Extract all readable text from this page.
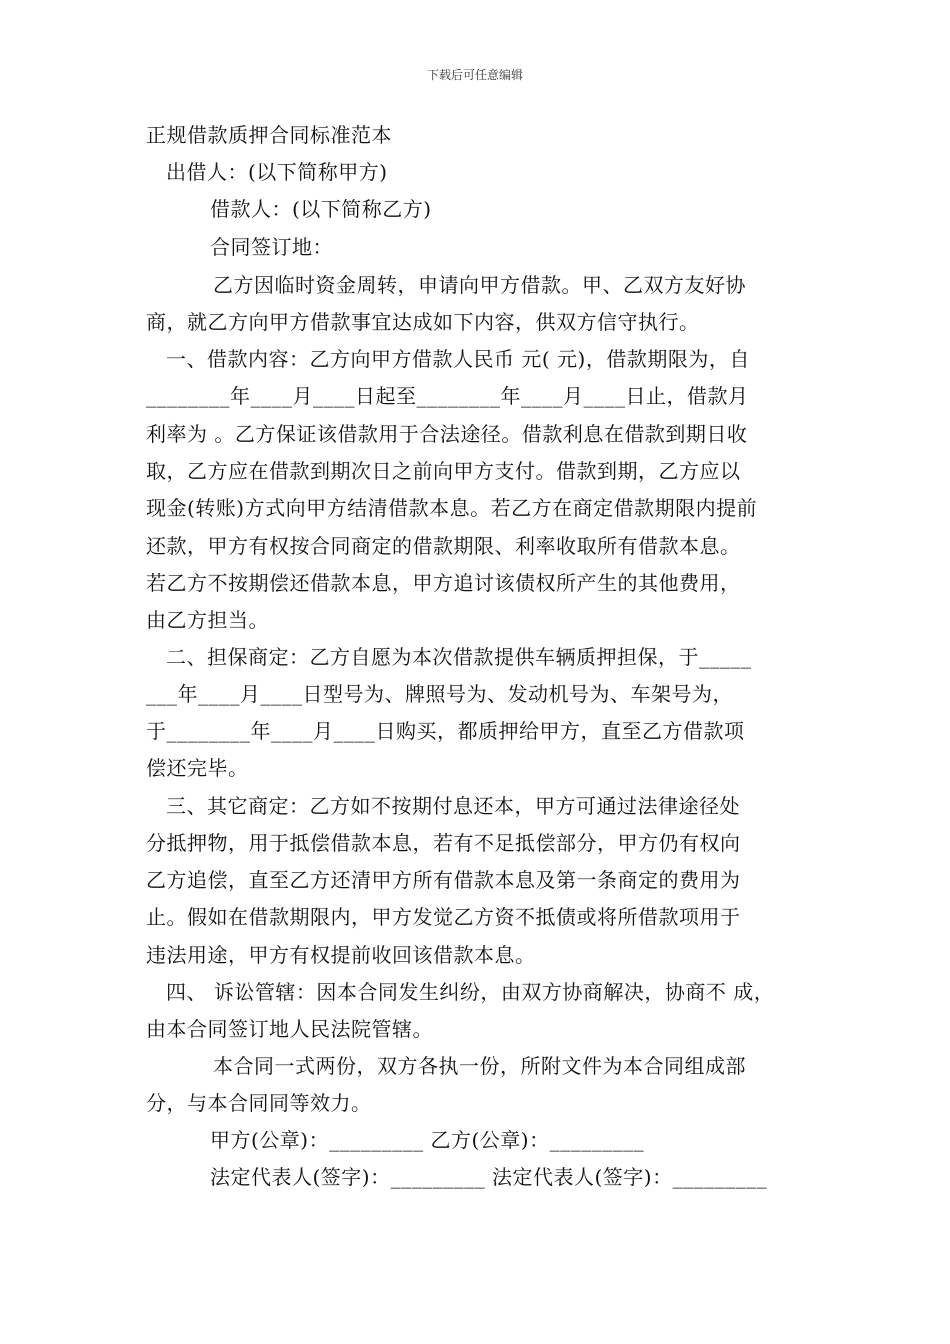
下载后可任意编辑
正规借款质押合同标准范本
出借人：(以下简称甲方)
借款人：(以下简称乙方)
合同签订地：
乙方因临时资金周转，申请向甲方借款。甲、乙双方友好协
商，就乙方向甲方借款事宜达成如下内容，供双方信守执行。
一、借款内容：乙方向甲方借款人民币 元( 元)，借款期限为，自
________年____月____日起至________年____月____日止，借款月
利率为 。乙方保证该借款用于合法途径。借款利息在借款到期日收
取，乙方应在借款到期次日之前向甲方支付。借款到期，乙方应以
现金(转账)方式向甲方结清借款本息。若乙方在商定借款期限内提前
还款，甲方有权按合同商定的借款期限、利率收取所有借款本息。
若乙方不按期偿还借款本息，甲方追讨该债权所产生的其他费用，
由乙方担当。
二、担保商定：乙方自愿为本次借款提供车辆质押担保，于_____
___年____月____日型号为、牌照号为、发动机号为、车架号为，
于________年____月____日购买，都质押给甲方，直至乙方借款项
偿还完毕。
三、其它商定：乙方如不按期付息还本，甲方可通过法律途径处
分抵押物，用于抵偿借款本息，若有不足抵偿部分，甲方仍有权向
乙方追偿，直至乙方还清甲方所有借款本息及第一条商定的费用为
止。假如在借款期限内，甲方发觉乙方资不抵债或将所借款项用于
违法用途，甲方有权提前收回该借款本息。
四、 诉讼管辖：因本合同发生纠纷，由双方协商解决，协商不 成，
由本合同签订地人民法院管辖。
本合同一式两份，双方各执一份，所附文件为本合同组成部
分，与本合同同等效力。
甲方(公章)：_________ 乙方(公章)：_________
法定代表人(签字)：_________ 法定代表人(签字)：_________
